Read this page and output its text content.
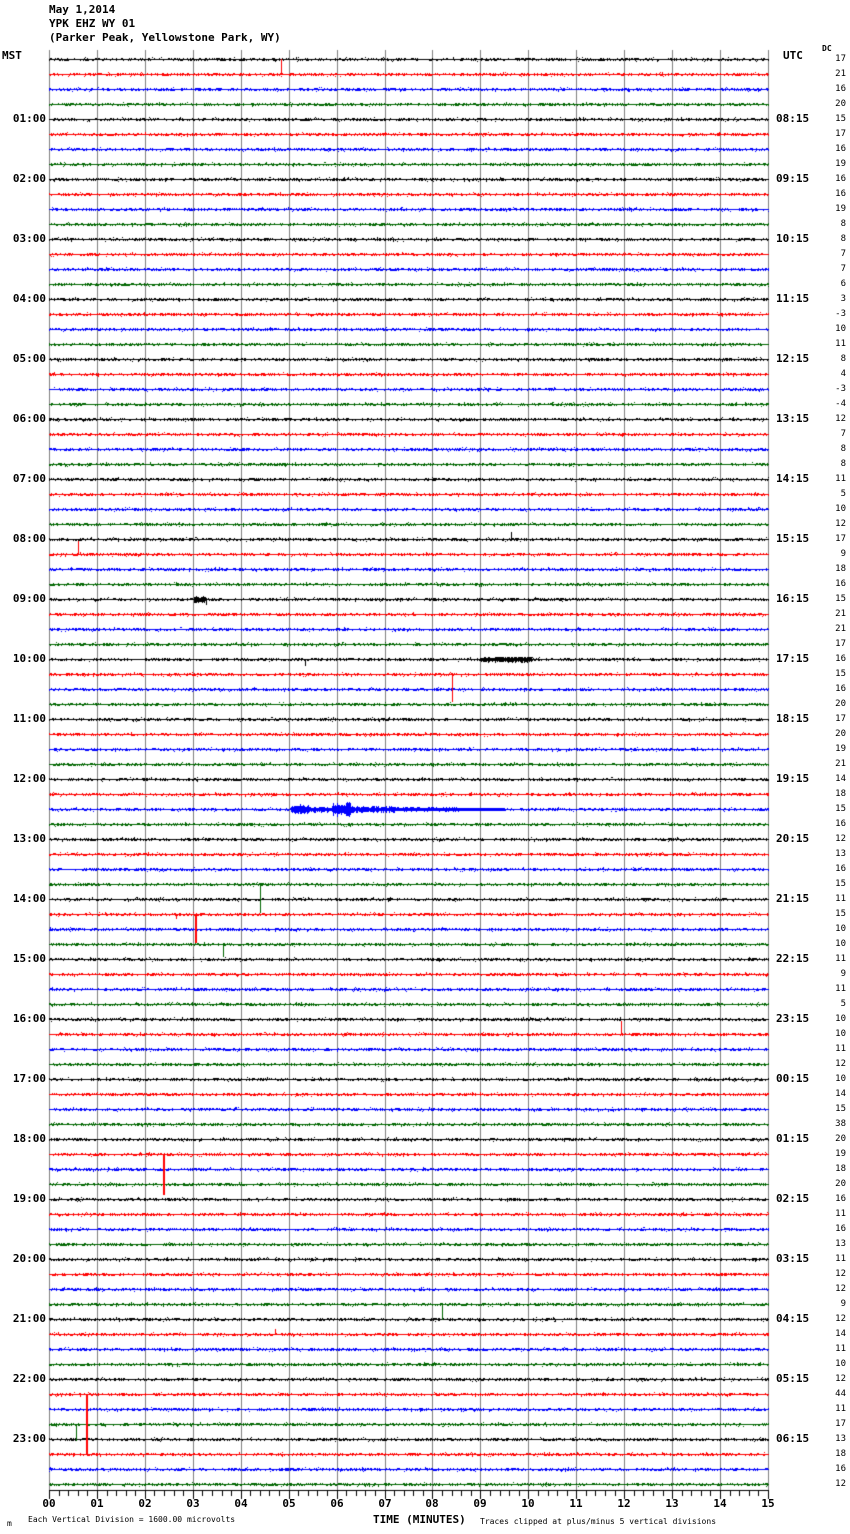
May 1,2014
YPK EHZ WY 01
(Parker Peak, Yellowstone Park, WY)
MST	UTC
DC
01:00
02:00
03:00
04:00
05:00
06:00
07:00
08:00
09:00
10:00
11:00
12:00
13:00
14:00
15:00
16:00
17:00
18:00
19:00
20:00
21:00
22:00
23:00
08:15
09:15
10:15
11:15
12:15
13:15
14:15
15:15
16:15
17:15
18:15
19:15
20:15
21:15
22:15
23:15
00:15
01:15
02:15
03:15
04:15
05:15
06:15
17
21
16
20
15
17
16
19
16
16
19
8
8
7
7
6
3
-3
10
11
8
4
-3
-4
12
7
8
8
11
5
10
12
17
9
18
16
15
21
21
17
16
15
16
20
17
20
19
21
14
18
15
16
12
13
16
15
11
15
10
10
11
9
11
5
10
10
11
12
10
14
15
38
20
19
18
20
16
11
16
13
11
12
12
9
12
14
11
10
12
44
11
17
13
18
16
12
00	01	02	03	04	05	06	07	08	09	10	11	12	13	14	15
m Each Vertical Division = 1600.00 microvolts	TIME (MINUTES) Traces clipped at plus/minus 5 vertical divisions
